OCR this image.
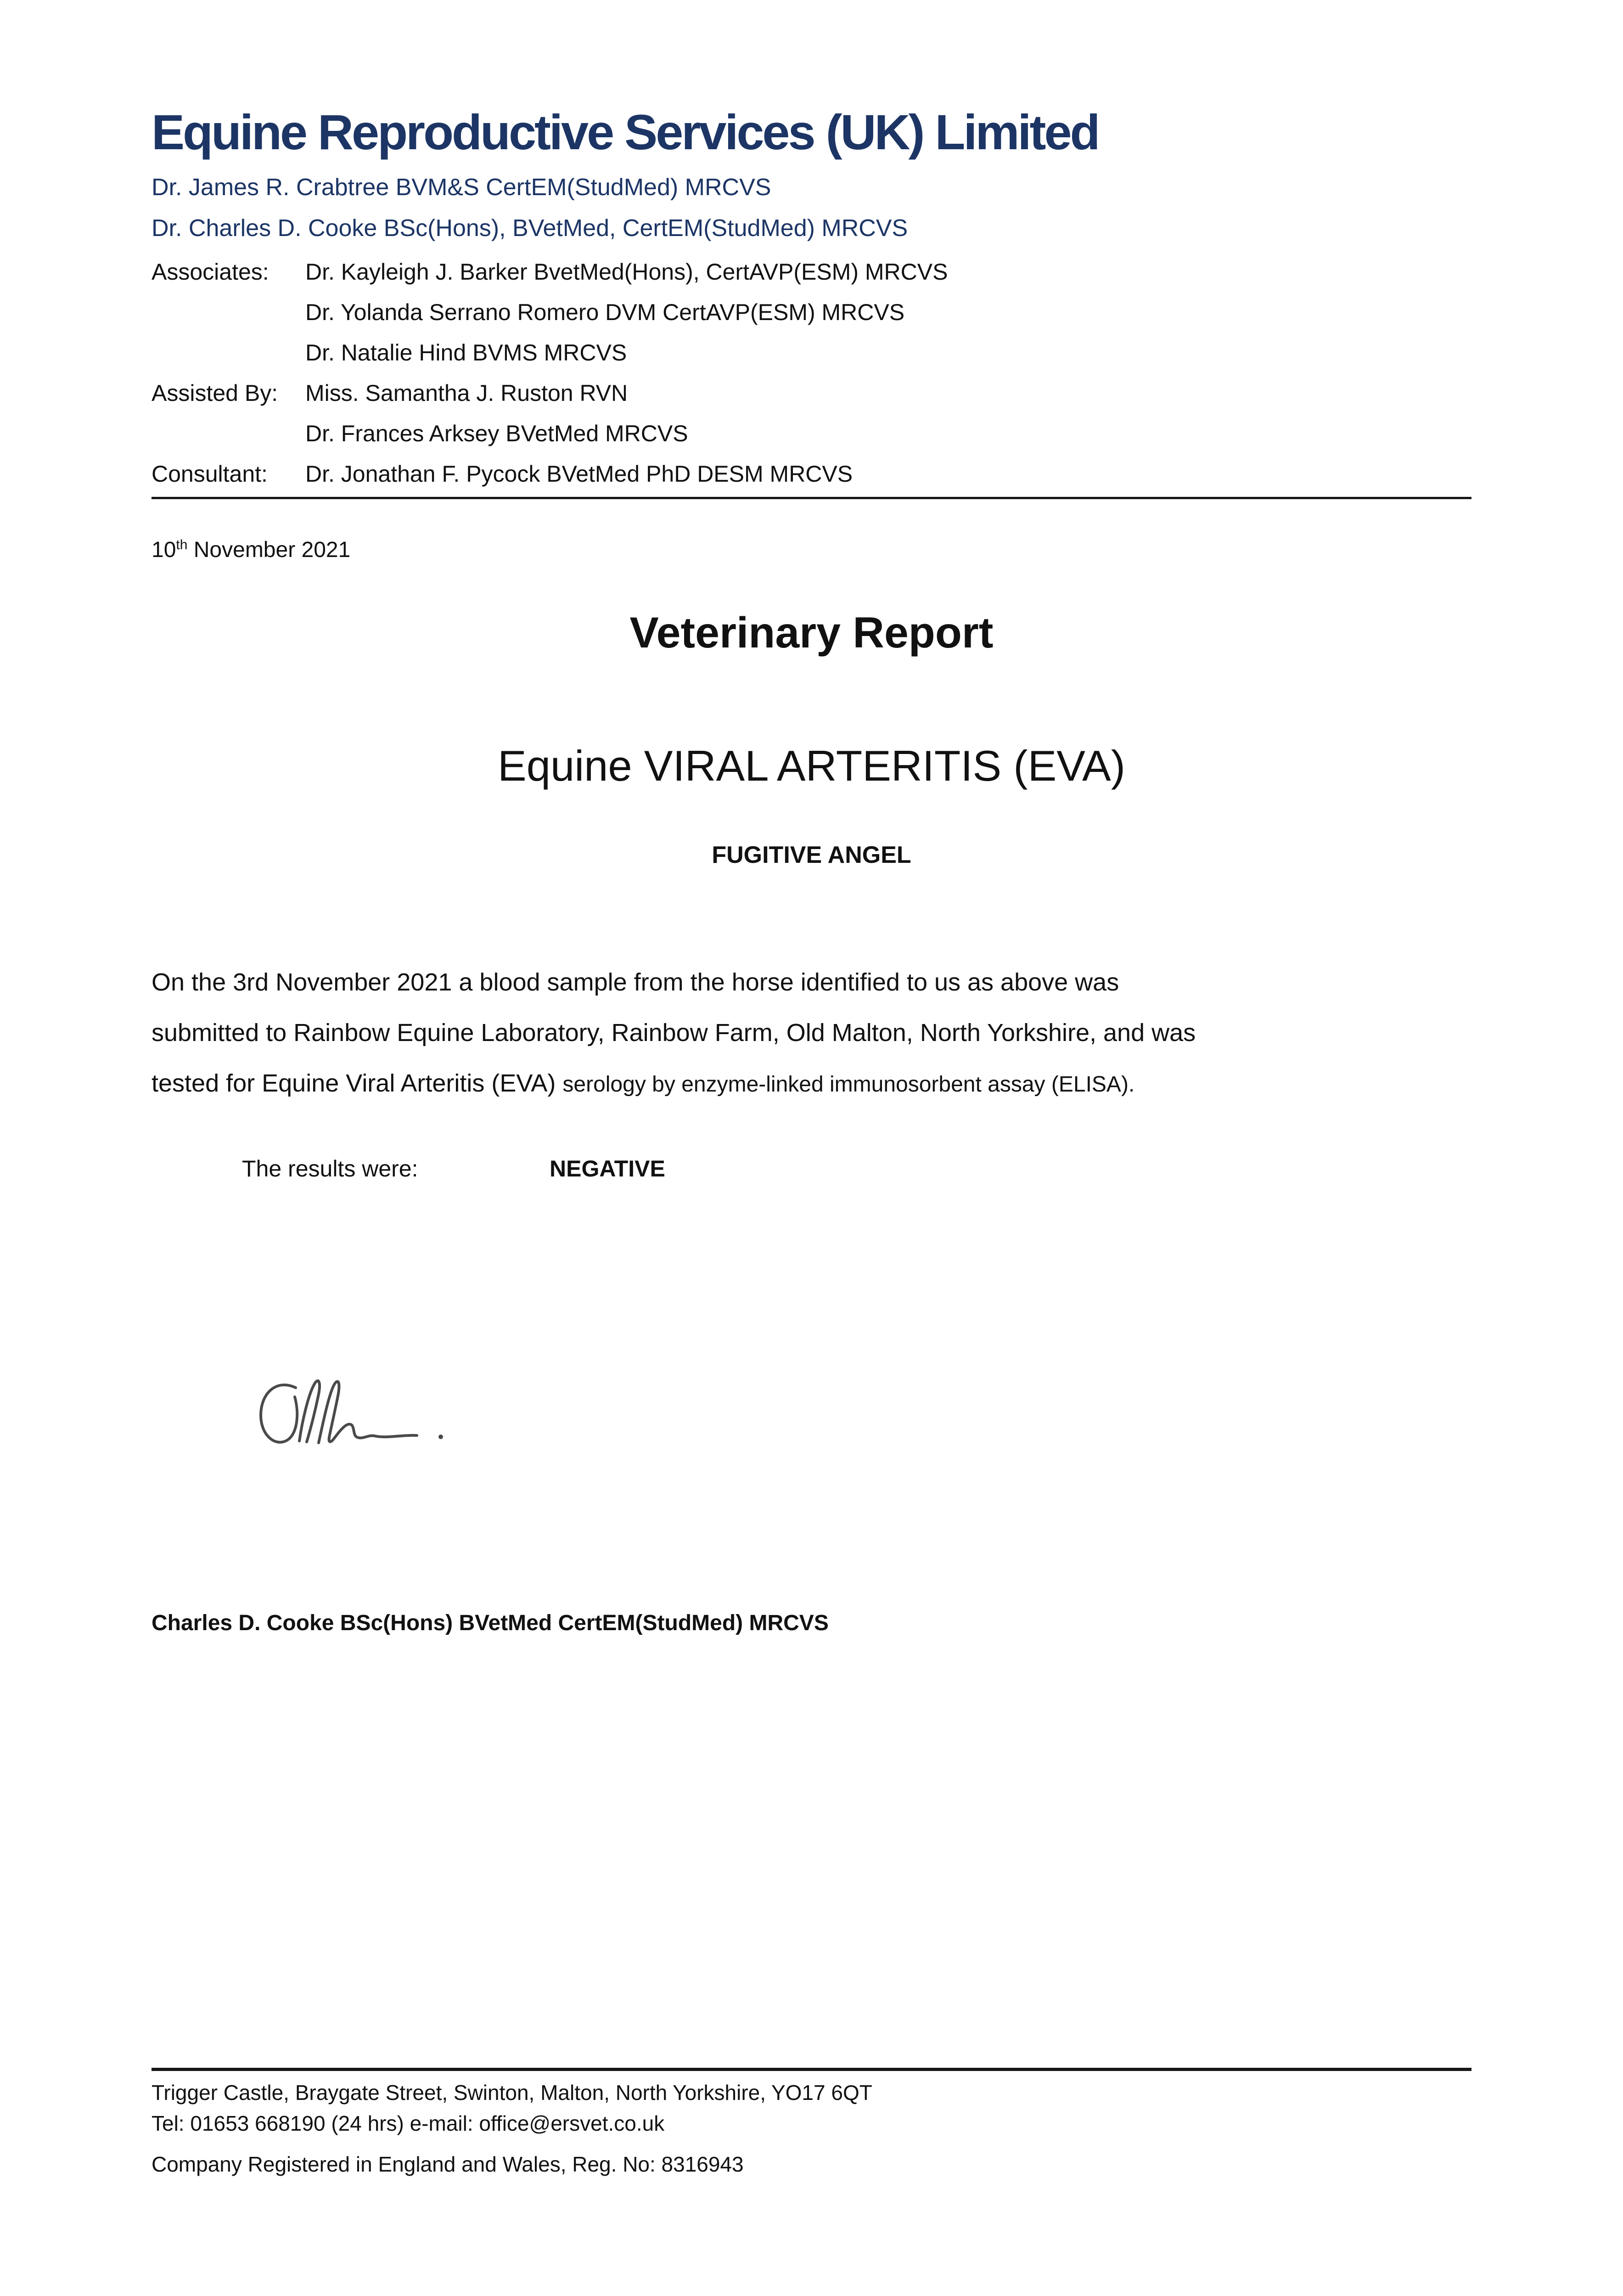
Equine Reproductive Services (UK) Limited
Dr. James R. Crabtree BVM&S CertEM(StudMed) MRCVS
Dr. Charles D. Cooke BSc(Hons), BVetMed, CertEM(StudMed) MRCVS
Associates:	Dr. Kayleigh J. Barker BvetMed(Hons), CertAVP(ESM) MRCVS
Dr. Yolanda Serrano Romero DVM CertAVP(ESM) MRCVS
Dr. Natalie Hind BVMS MRCVS
Assisted By:	Miss. Samantha J. Ruston RVN
Dr. Frances Arksey BVetMed MRCVS
Consultant:	Dr. Jonathan F. Pycock BVetMed PhD DESM MRCVS
10th November 2021
Veterinary Report
Equine VIRAL ARTERITIS (EVA)
FUGITIVE ANGEL
On the 3rd November 2021 a blood sample from the horse identified to us as above was
submitted to Rainbow Equine Laboratory, Rainbow Farm, Old Malton, North Yorkshire, and was
tested for Equine Viral Arteritis (EVA) serology by enzyme-linked immunosorbent assay (ELISA).
The results were:	NEGATIVE
Charles D. Cooke BSc(Hons) BVetMed CertEM(StudMed) MRCVS
Trigger Castle, Braygate Street, Swinton, Malton, North Yorkshire, YO17 6QT
Tel: 01653 668190 (24 hrs) e-mail: office@ersvet.co.uk
Company Registered in England and Wales, Reg. No: 8316943
